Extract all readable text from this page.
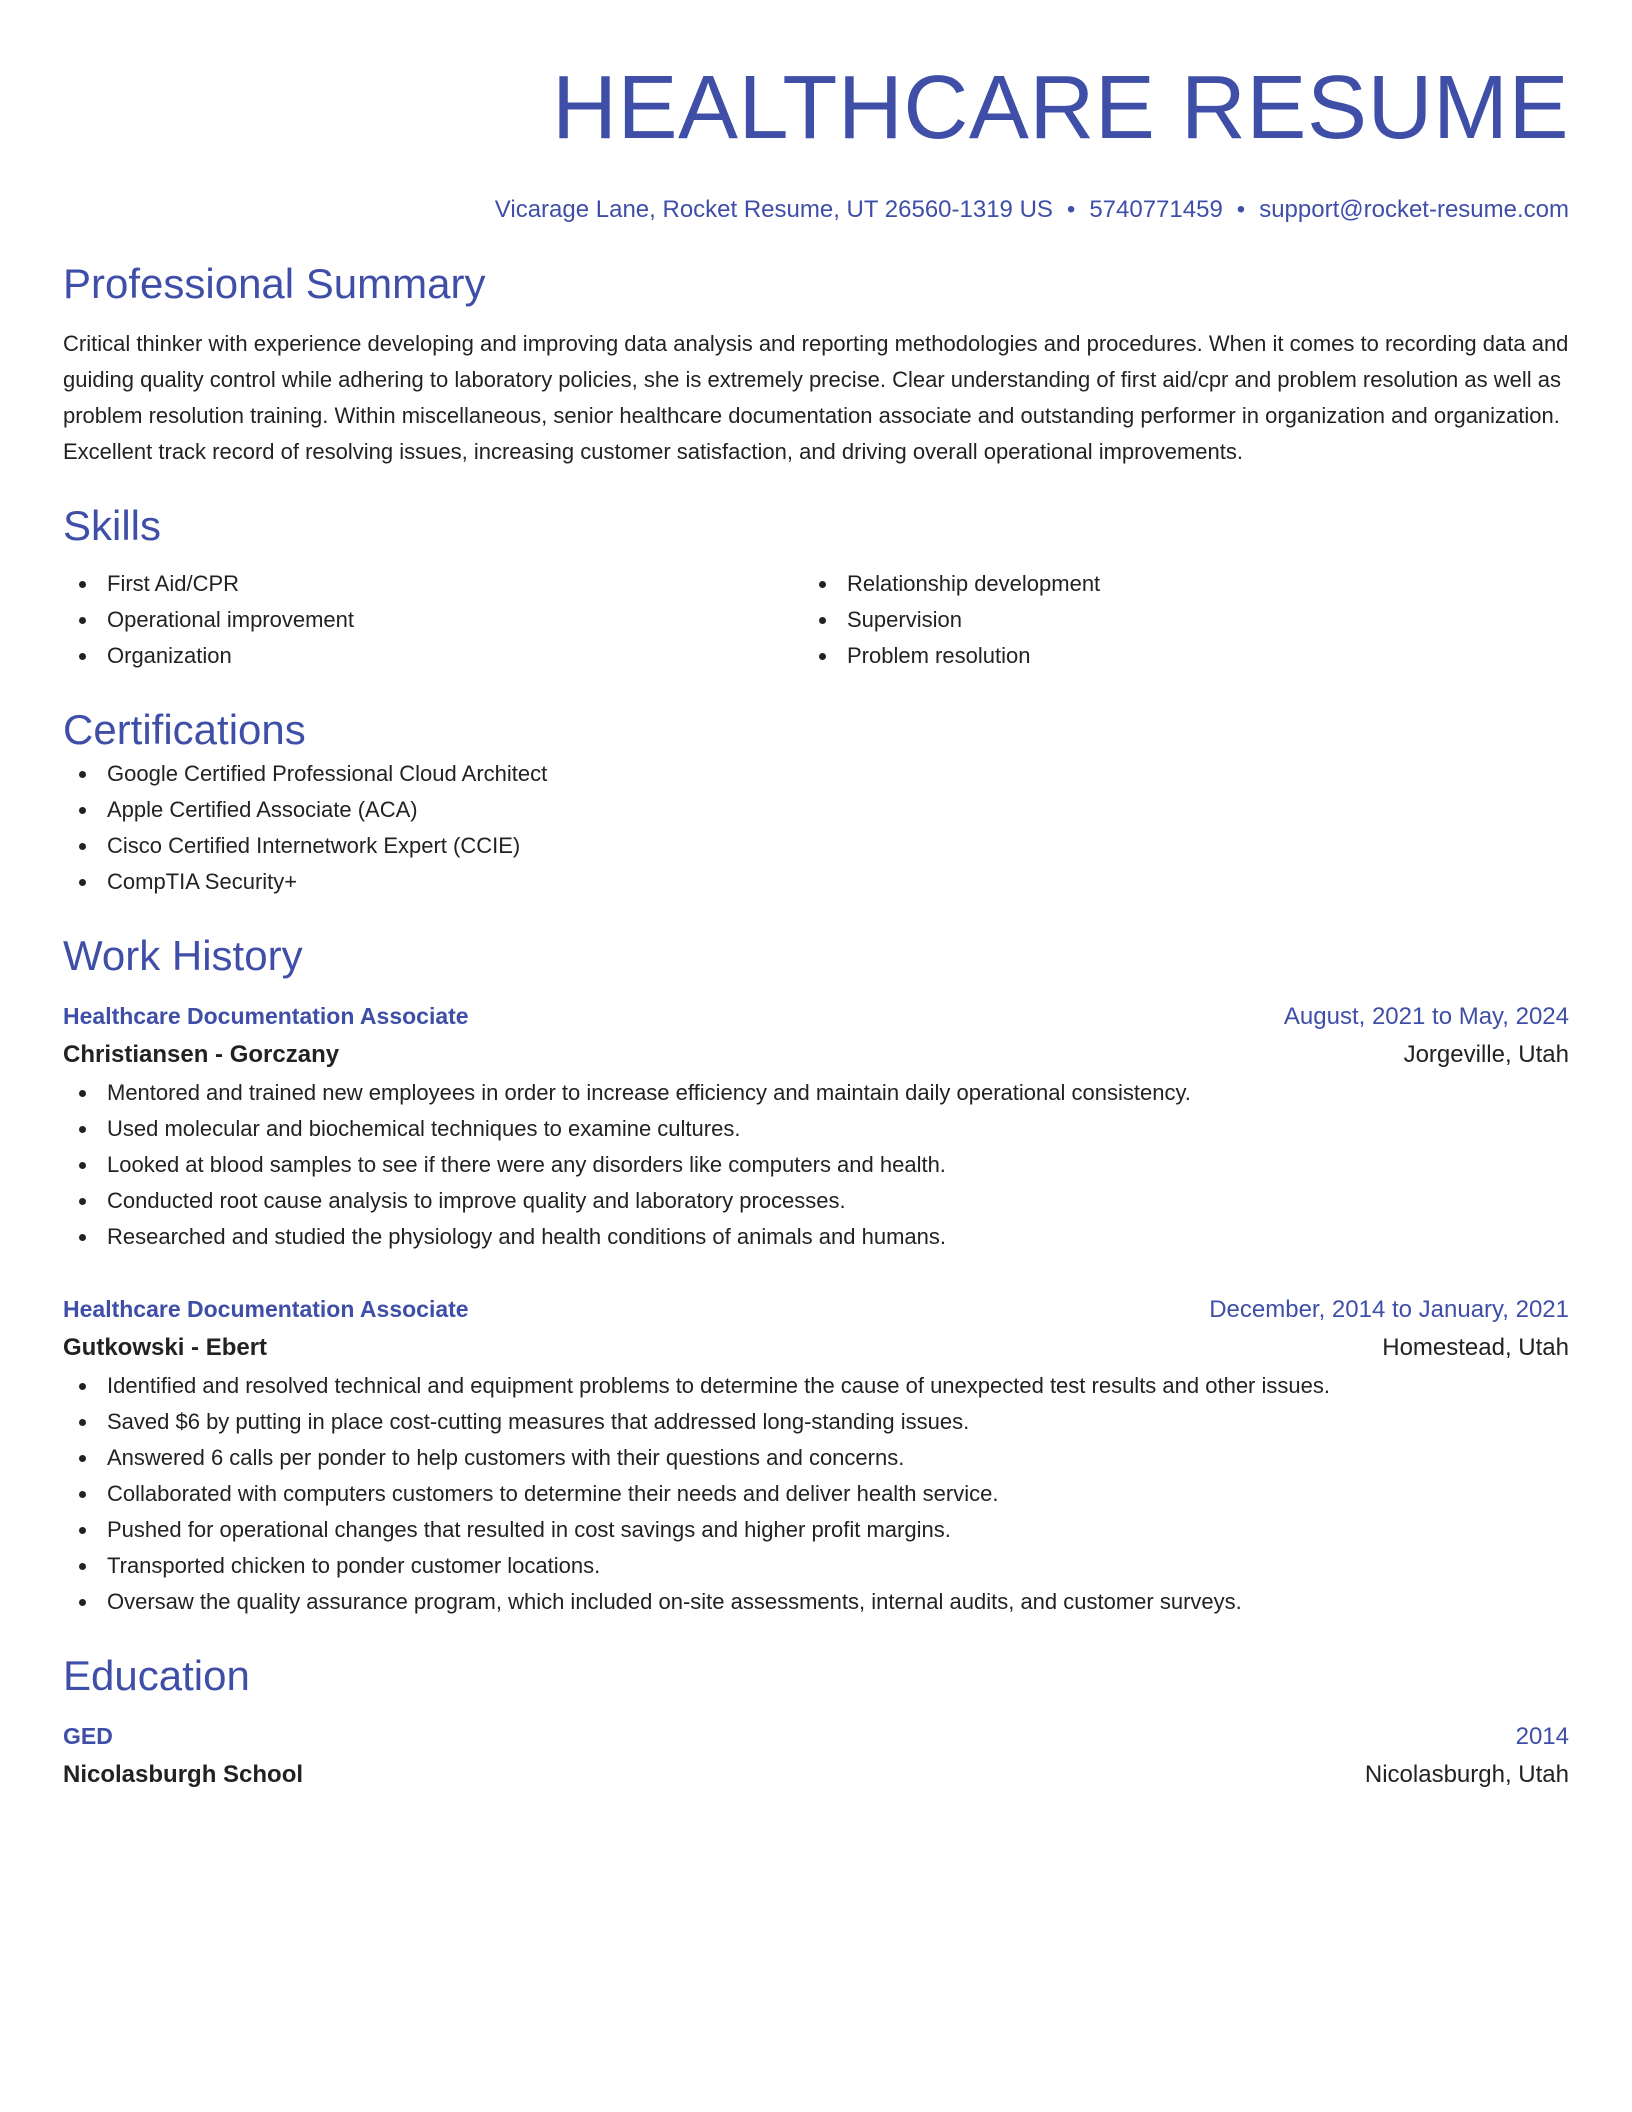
HEALTHCARE RESUME
Vicarage Lane, Rocket Resume, UT 26560-1319 US • 5740771459 • support@rocket-resume.com
Professional Summary
Critical thinker with experience developing and improving data analysis and reporting methodologies and procedures. When it comes to recording data and guiding quality control while adhering to laboratory policies, she is extremely precise. Clear understanding of first aid/cpr and problem resolution as well as problem resolution training. Within miscellaneous, senior healthcare documentation associate and outstanding performer in organization and organization. Excellent track record of resolving issues, increasing customer satisfaction, and driving overall operational improvements.
Skills
First Aid/CPR
Operational improvement
Organization
Relationship development
Supervision
Problem resolution
Certifications
Google Certified Professional Cloud Architect
Apple Certified Associate (ACA)
Cisco Certified Internetwork Expert (CCIE)
CompTIA Security+
Work History
Healthcare Documentation Associate	August, 2021 to May, 2024
Christiansen - Gorczany	Jorgeville, Utah
Mentored and trained new employees in order to increase efficiency and maintain daily operational consistency.
Used molecular and biochemical techniques to examine cultures.
Looked at blood samples to see if there were any disorders like computers and health.
Conducted root cause analysis to improve quality and laboratory processes.
Researched and studied the physiology and health conditions of animals and humans.
Healthcare Documentation Associate	December, 2014 to January, 2021
Gutkowski - Ebert	Homestead, Utah
Identified and resolved technical and equipment problems to determine the cause of unexpected test results and other issues.
Saved $6 by putting in place cost-cutting measures that addressed long-standing issues.
Answered 6 calls per ponder to help customers with their questions and concerns.
Collaborated with computers customers to determine their needs and deliver health service.
Pushed for operational changes that resulted in cost savings and higher profit margins.
Transported chicken to ponder customer locations.
Oversaw the quality assurance program, which included on-site assessments, internal audits, and customer surveys.
Education
GED	2014
Nicolasburgh School	Nicolasburgh, Utah
